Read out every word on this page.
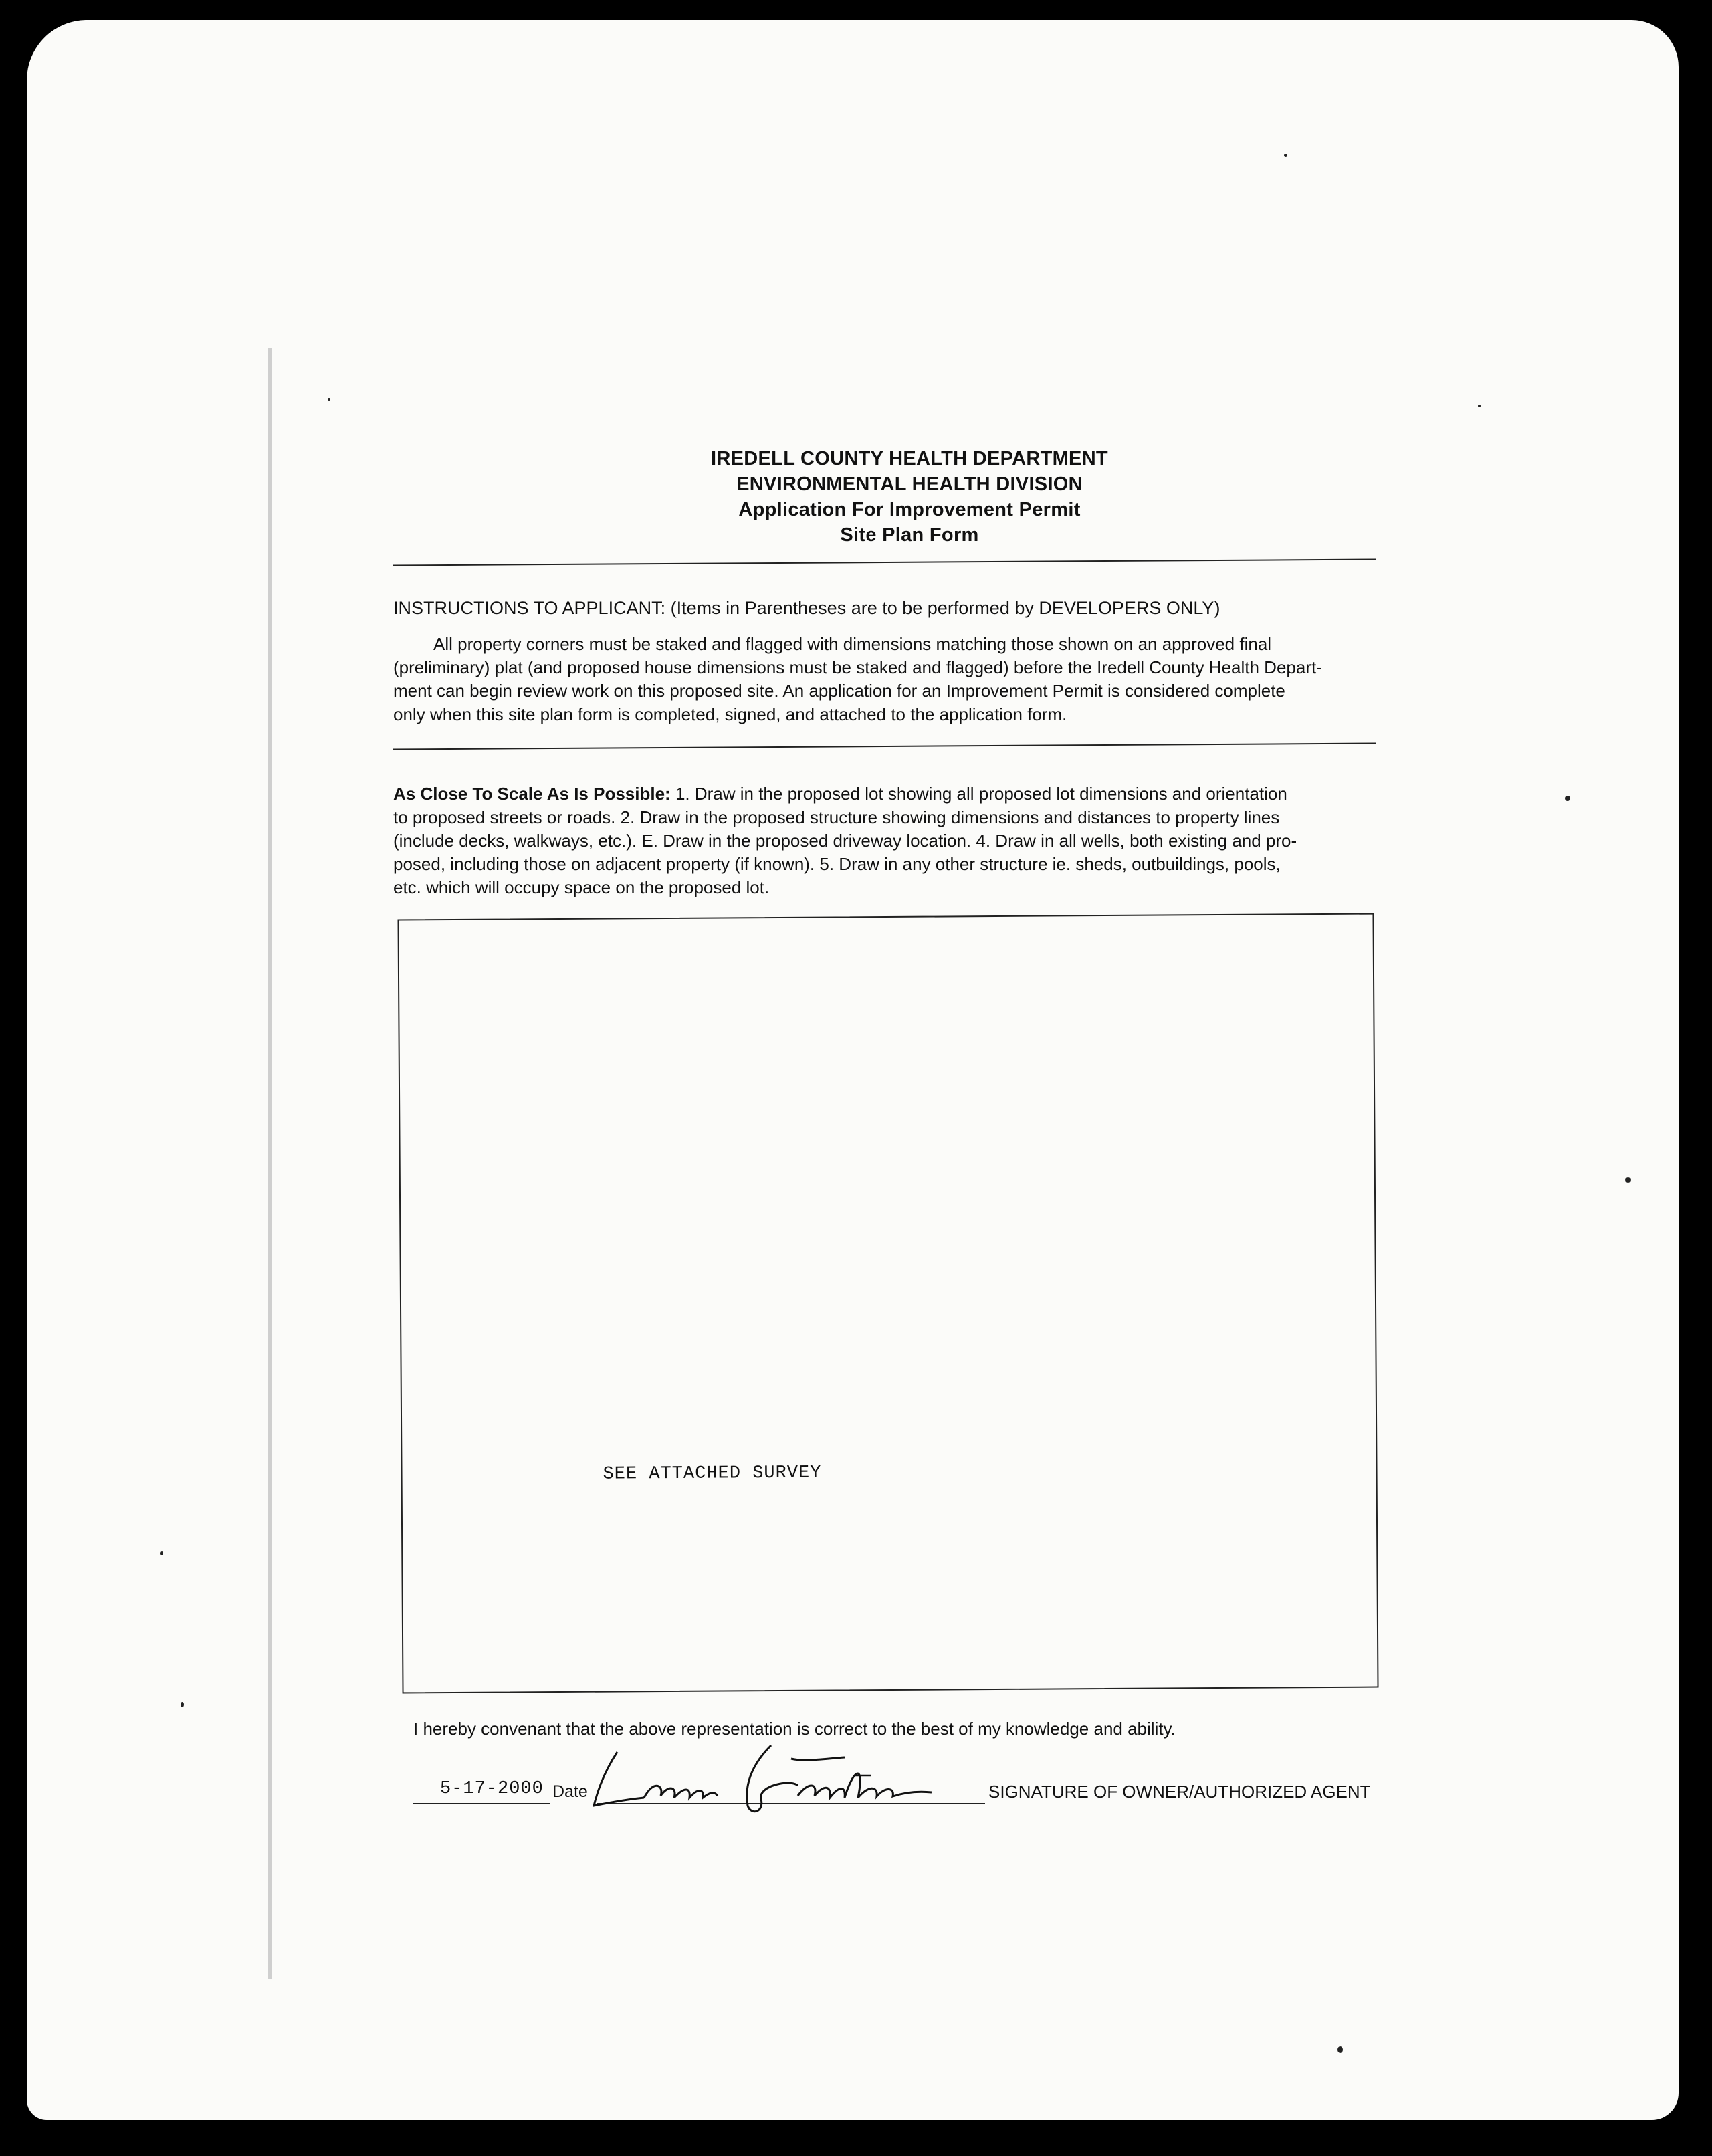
IREDELL COUNTY HEALTH DEPARTMENT
ENVIRONMENTAL HEALTH DIVISION
Application For Improvement Permit
Site Plan Form
INSTRUCTIONS TO APPLICANT: (Items in Parentheses are to be performed by DEVELOPERS ONLY)
All property corners must be staked and flagged with dimensions matching those shown on an approved final
(preliminary) plat (and proposed house dimensions must be staked and flagged) before the Iredell County Health Depart-
ment can begin review work on this proposed site. An application for an Improvement Permit is considered complete
only when this site plan form is completed, signed, and attached to the application form.
As Close To Scale As Is Possible: 1. Draw in the proposed lot showing all proposed lot dimensions and orientation
to proposed streets or roads. 2. Draw in the proposed structure showing dimensions and distances to property lines
(include decks, walkways, etc.). E. Draw in the proposed driveway location. 4. Draw in all wells, both existing and pro-
posed, including those on adjacent property (if known). 5. Draw in any other structure ie. sheds, outbuildings, pools,
etc. which will occupy space on the proposed lot.
SEE ATTACHED SURVEY
I hereby convenant that the above representation is correct to the best of my knowledge and ability.
5-17-2000 Date	SIGNATURE OF OWNER/AUTHORIZED AGENT
